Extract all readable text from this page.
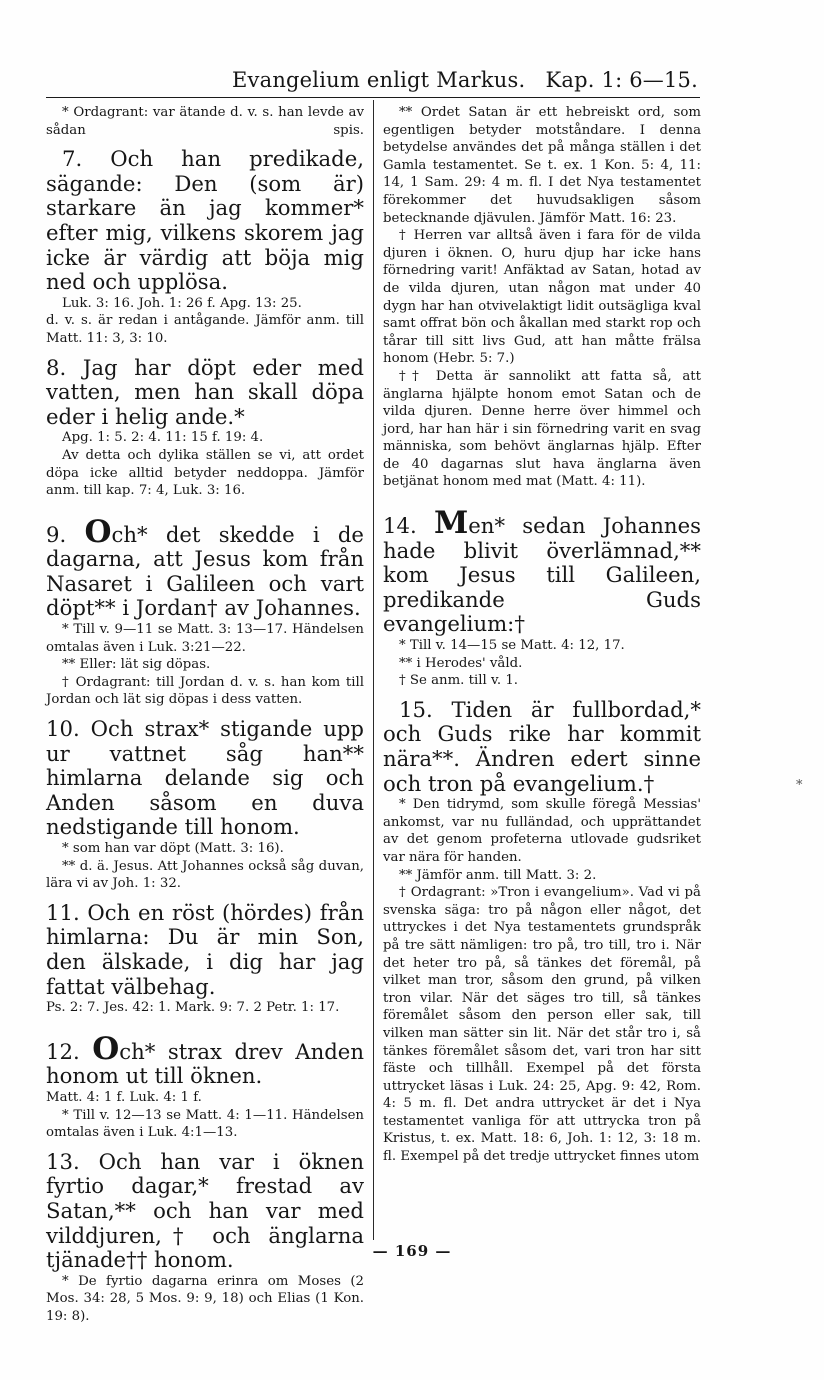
Evangelium enligt Markus. Kap. 1: 6—15.

* Ordagrant: var ätande d. v. s. han levde av sådan spis.

7. Och han predikade, sägande: Den (som är) starkare än jag kommer* efter mig, vilkens skorem jag icke är värdig att böja mig ned och upplösa.

Luk. 3: 16. Joh. 1: 26 f. Apg. 13: 25.

d. v. s. är redan i antågande. Jämför anm. till Matt. 11: 3, 3: 10.

8. Jag har döpt eder med vatten, men han skall döpa eder i helig ande.*

Apg. 1: 5. 2: 4. 11: 15 f. 19: 4.

Av detta och dylika ställen se vi, att ordet döpa icke alltid betyder neddoppa. Jämför anm. till kap. 7: 4, Luk. 3: 16.

9. Och* det skedde i de dagarna, att Jesus kom från Nasaret i Galileen och vart döpt** i Jordan† av Johannes.

* Till v. 9—11 se Matt. 3: 13—17. Händelsen omtalas även i Luk. 3:21—22.

** Eller: lät sig döpas.

† Ordagrant: till Jordan d. v. s. han kom till Jordan och lät sig döpas i dess vatten.

10. Och strax* stigande upp ur vattnet såg han** himlarna delande sig och Anden såsom en duva nedstigande till honom.

* som han var döpt (Matt. 3: 16).

** d. ä. Jesus. Att Johannes också såg duvan, lära vi av Joh. 1: 32.

11. Och en röst (hördes) från himlarna: Du är min Son, den älskade, i dig har jag fattat välbehag.

Ps. 2: 7. Jes. 42: 1. Mark. 9: 7. 2 Petr. 1: 17.

12. Och* strax drev Anden honom ut till öknen.

Matt. 4: 1 f. Luk. 4: 1 f.

* Till v. 12—13 se Matt. 4: 1—11. Händelsen omtalas även i Luk. 4:1—13.

13. Och han var i öknen fyrtio dagar,* frestad av Satan,** och han var med vilddjuren,† och änglarna tjänade†† honom.

* De fyrtio dagarna erinra om Moses (2 Mos. 34: 28, 5 Mos. 9: 9, 18) och Elias (1 Kon. 19: 8).

** Ordet Satan är ett hebreiskt ord, som egentligen betyder motståndare. I denna betydelse användes det på många ställen i det Gamla testamentet. Se t. ex. 1 Kon. 5: 4, 11: 14, 1 Sam. 29: 4 m. fl. I det Nya testamentet förekommer det huvudsakligen såsom betecknande djävulen. Jämför Matt. 16: 23.

† Herren var alltså även i fara för de vilda djuren i öknen. O, huru djup har icke hans förnedring varit! Anfäktad av Satan, hotad av de vilda djuren, utan någon mat under 40 dygn har han otvivelaktigt lidit outsägliga kval samt offrat bön och åkallan med starkt rop och tårar till sitt livs Gud, att han måtte frälsa honom (Hebr. 5: 7.)

†† Detta är sannolikt att fatta så, att änglarna hjälpte honom emot Satan och de vilda djuren. Denne herre över himmel och jord, har han här i sin förnedring varit en svag människa, som behövt änglarnas hjälp. Efter de 40 dagarnas slut hava änglarna även betjänat honom med mat (Matt. 4: 11).

14. Men* sedan Johannes hade blivit överlämnad,** kom Jesus till Galileen, predikande Guds evangelium:†

* Till v. 14—15 se Matt. 4: 12, 17.

** i Herodes' våld.

† Se anm. till v. 1.

15. Tiden är fullbordad,* och Guds rike har kommit nära**. Ändren edert sinne och tron på evangelium.†

* Den tidrymd, som skulle föregå Messias' ankomst, var nu fulländad, och upprättandet av det genom profeterna utlovade gudsriket var nära för handen.

** Jämför anm. till Matt. 3: 2.

† Ordagrant: »Tron i evangelium». Vad vi på svenska säga: tro på någon eller något, det uttryckes i det Nya testamentets grundspråk på tre sätt nämligen: tro på, tro till, tro i. När det heter tro på, så tänkes det föremål, på vilket man tror, såsom den grund, på vilken tron vilar. När det säges tro till, så tänkes föremålet såsom den person eller sak, till vilken man sätter sin lit. När det står tro i, så tänkes föremålet såsom det, vari tron har sitt fäste och tillhåll. Exempel på det första uttrycket läsas i Luk. 24: 25, Apg. 9: 42, Rom. 4: 5 m. fl. Det andra uttrycket är det i Nya testamentet vanliga för att uttrycka tron på Kristus, t. ex. Matt. 18: 6, Joh. 1: 12, 3: 18 m. fl. Exempel på det tredje uttrycket finnes utom

*
— 169 —
